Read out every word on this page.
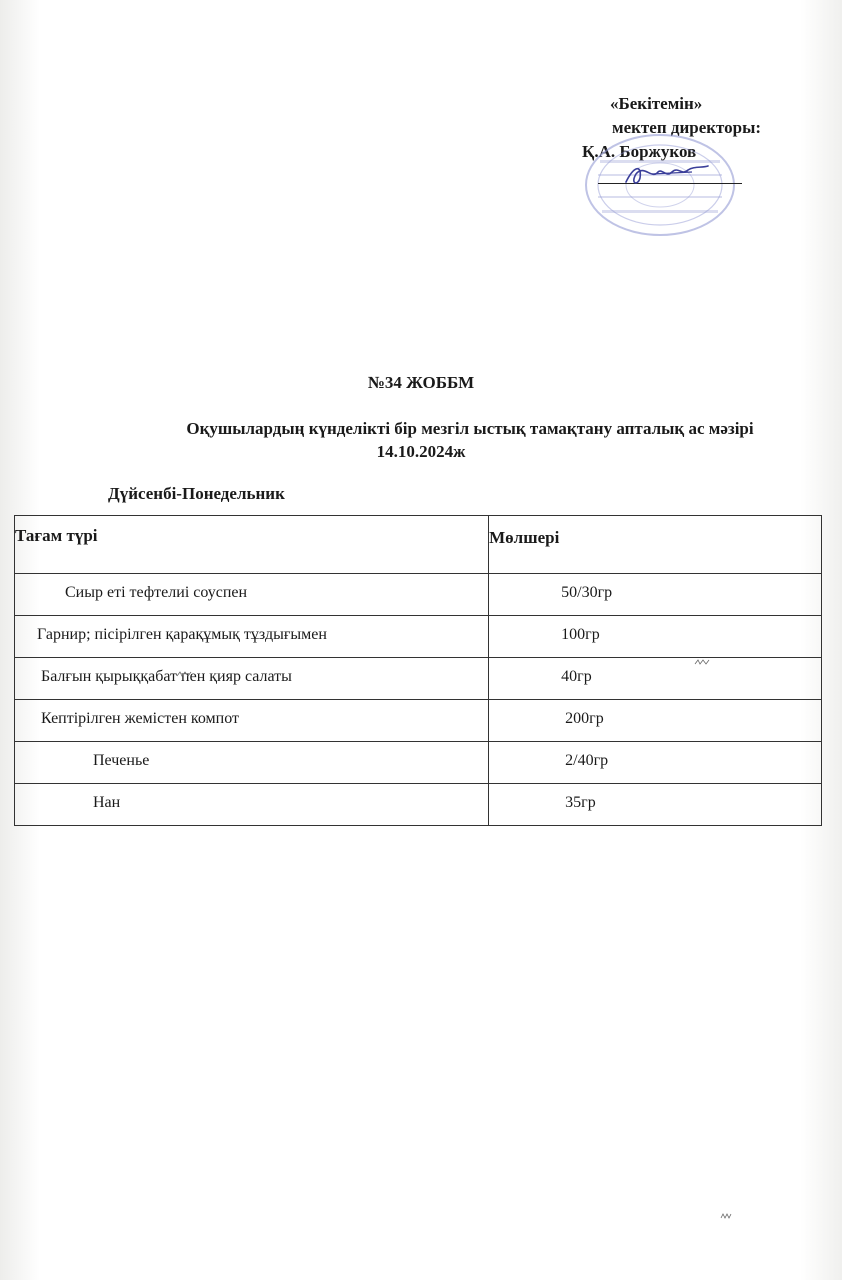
«Бекітемін»
мектеп директоры:
Қ.А. Боржуков
№34 ЖОББМ
Оқушылардың күнделікті бір мезгіл ыстық тамақтану апталық ас мәзірі
14.10.2024ж
Дүйсенбі-Понедельник
Тағам түрі	Мөлшері

Сиыр еті тефтелиі соуспен	50/30гр

Гарнир; пісірілген қарақұмық тұздығымен	100гр

Балғын қырыққабат пен қияр салаты	40гр

Кептірілген жемістен компот	200гр

Печенье	2/40гр

Нан	35гр
